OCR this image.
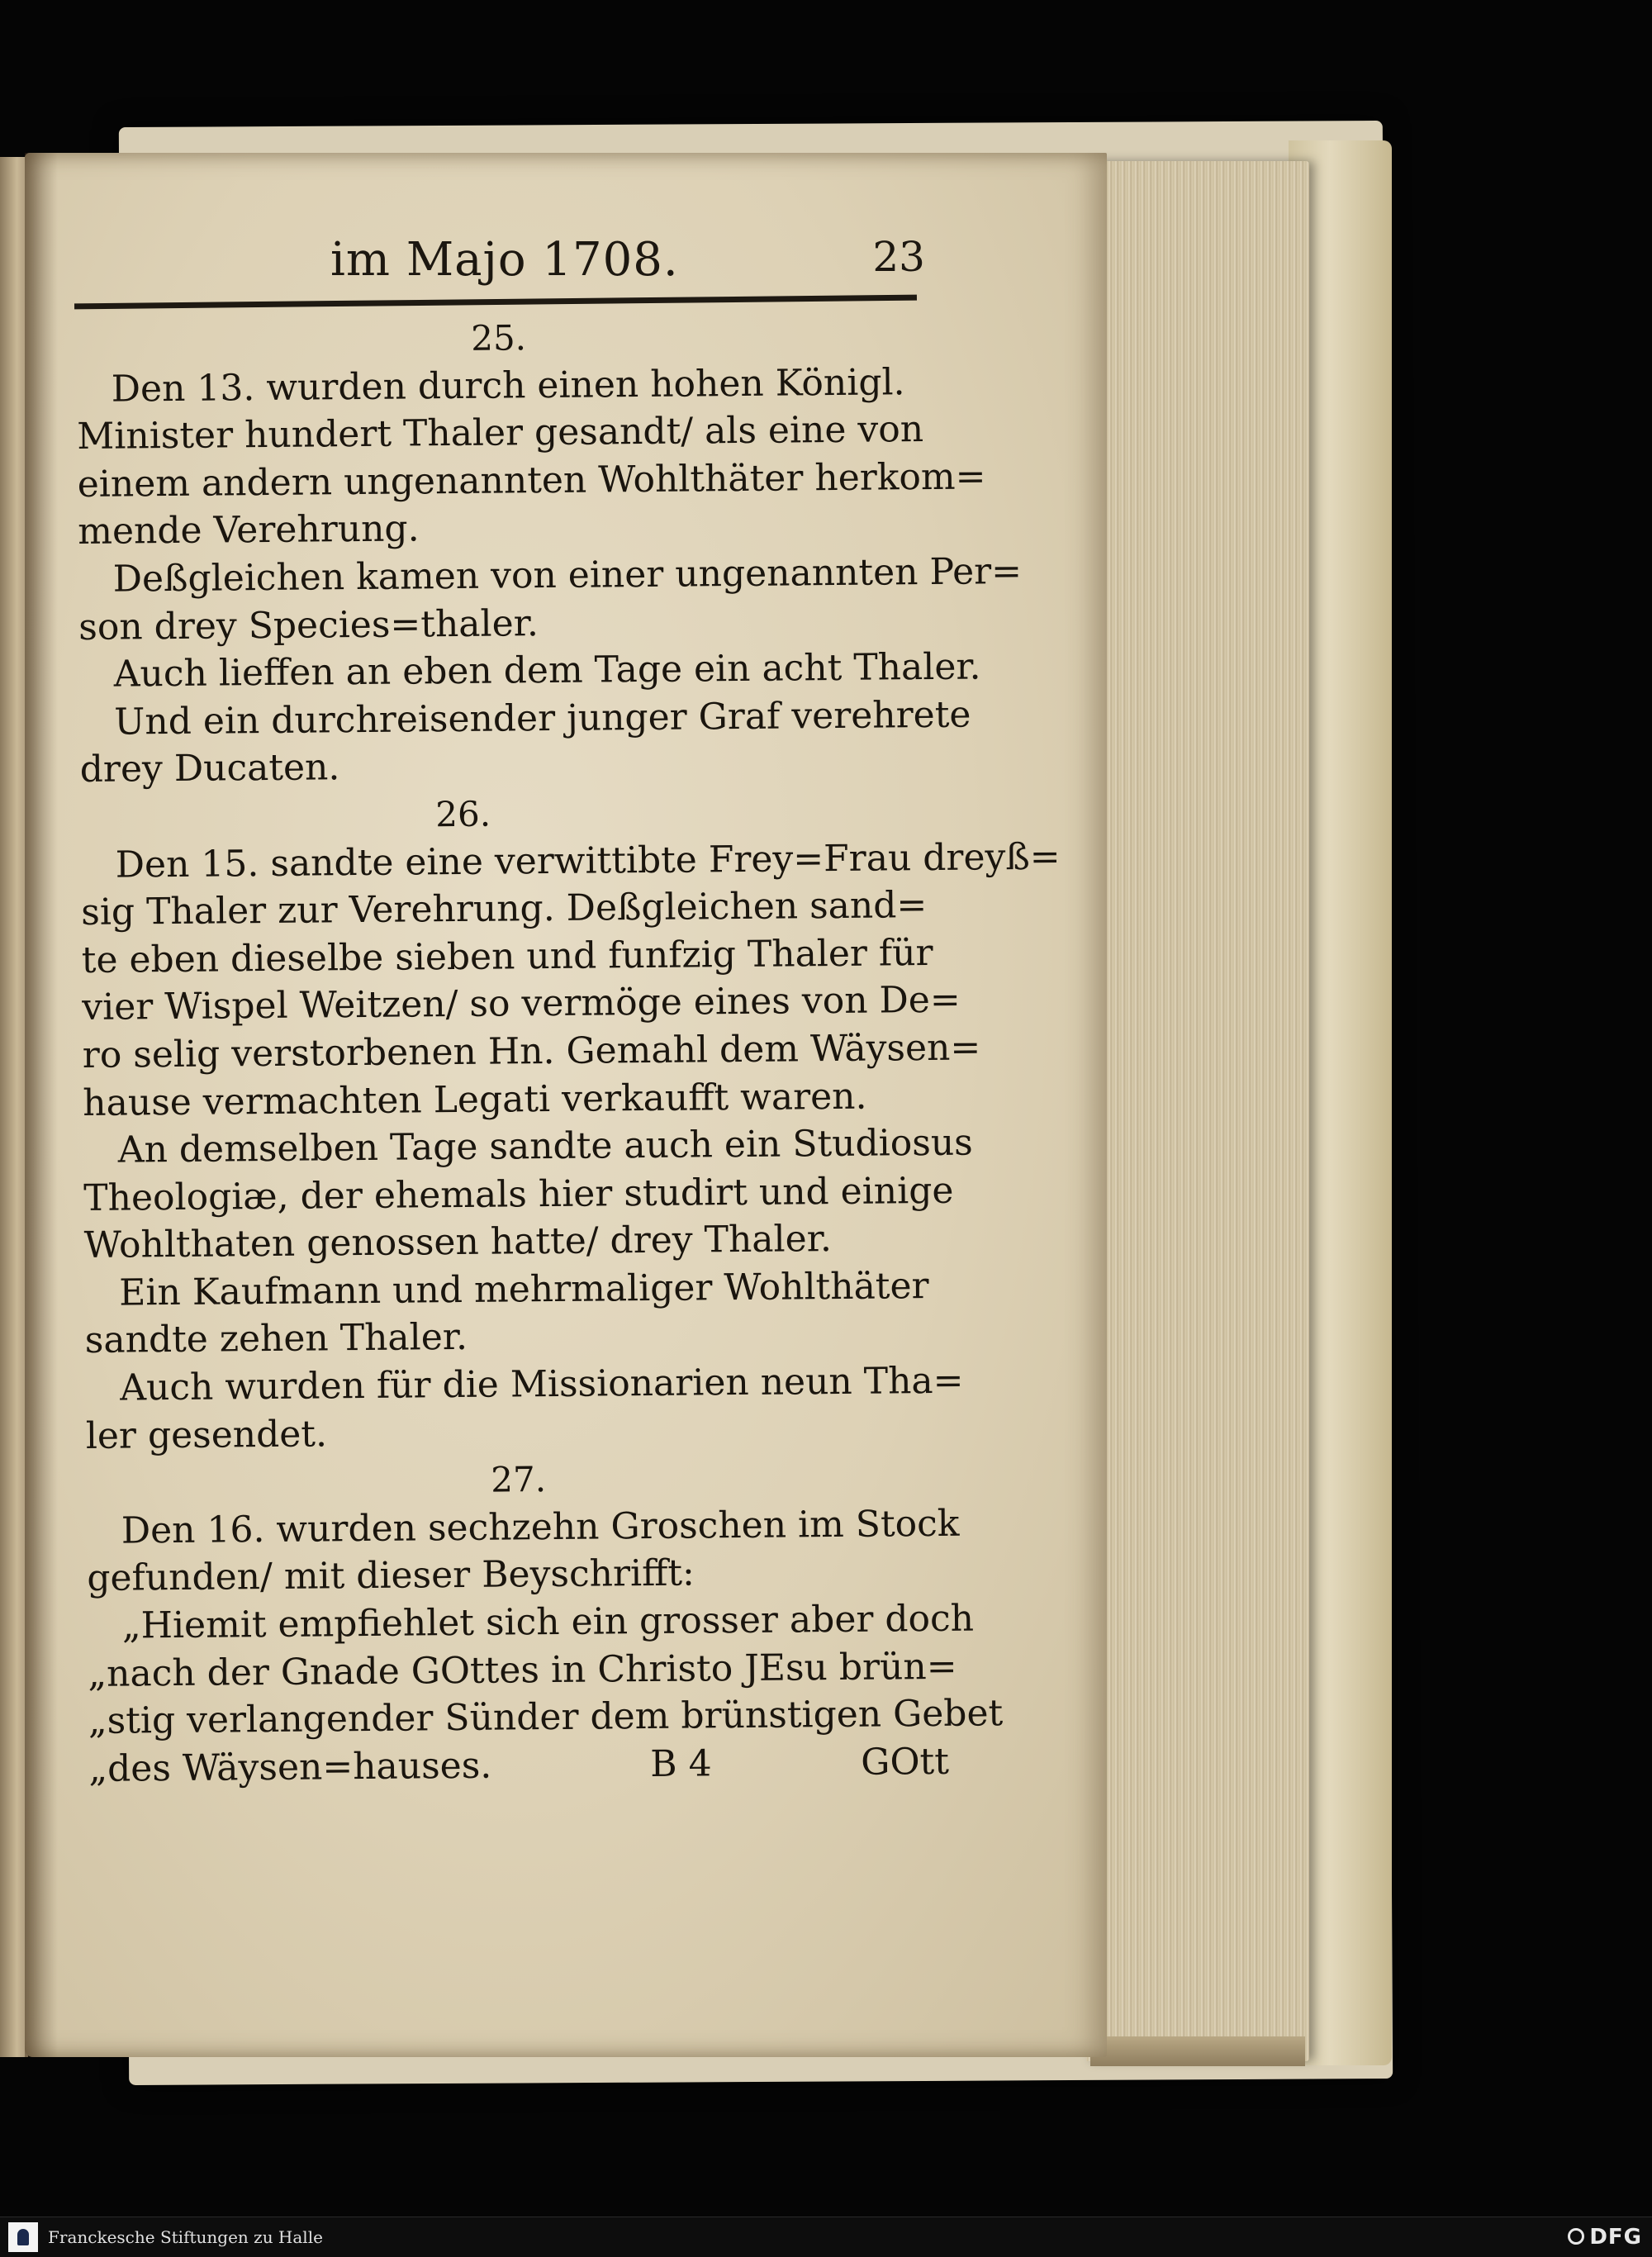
im Majo 1708.	23
25.
Den 13. wurden durch einen hohen Königl.
Minister hundert Thaler gesandt/ als eine von
einem andern ungenannten Wohlthäter herkom=
mende Verehrung.
Deßgleichen kamen von einer ungenannten Per=
son drey Species=thaler.
Auch lieffen an eben dem Tage ein acht Thaler.
Und ein durchreisender junger Graf verehrete
drey Ducaten.
26.
Den 15. sandte eine verwittibte Frey=Frau dreyß=
sig Thaler zur Verehrung. Deßgleichen sand=
te eben dieselbe sieben und funfzig Thaler für
vier Wispel Weitzen/ so vermöge eines von De=
ro selig verstorbenen Hn. Gemahl dem Wäysen=
hause vermachten Legati verkaufft waren.
An demselben Tage sandte auch ein Studiosus
Theologiæ, der ehemals hier studirt und einige
Wohlthaten genossen hatte/ drey Thaler.
Ein Kaufmann und mehrmaliger Wohlthäter
sandte zehen Thaler.
Auch wurden für die Missionarien neun Tha=
ler gesendet.
27.
Den 16. wurden sechzehn Groschen im Stock
gefunden/ mit dieser Beyschrifft:
„Hiemit empfiehlet sich ein grosser aber doch
„nach der Gnade GOttes in Christo JEsu brün=
„stig verlangender Sünder dem brünstigen Gebet
„des Wäysen=hauses.	B 4	GOtt
Franckesche Stiftungen zu Halle	DFG
